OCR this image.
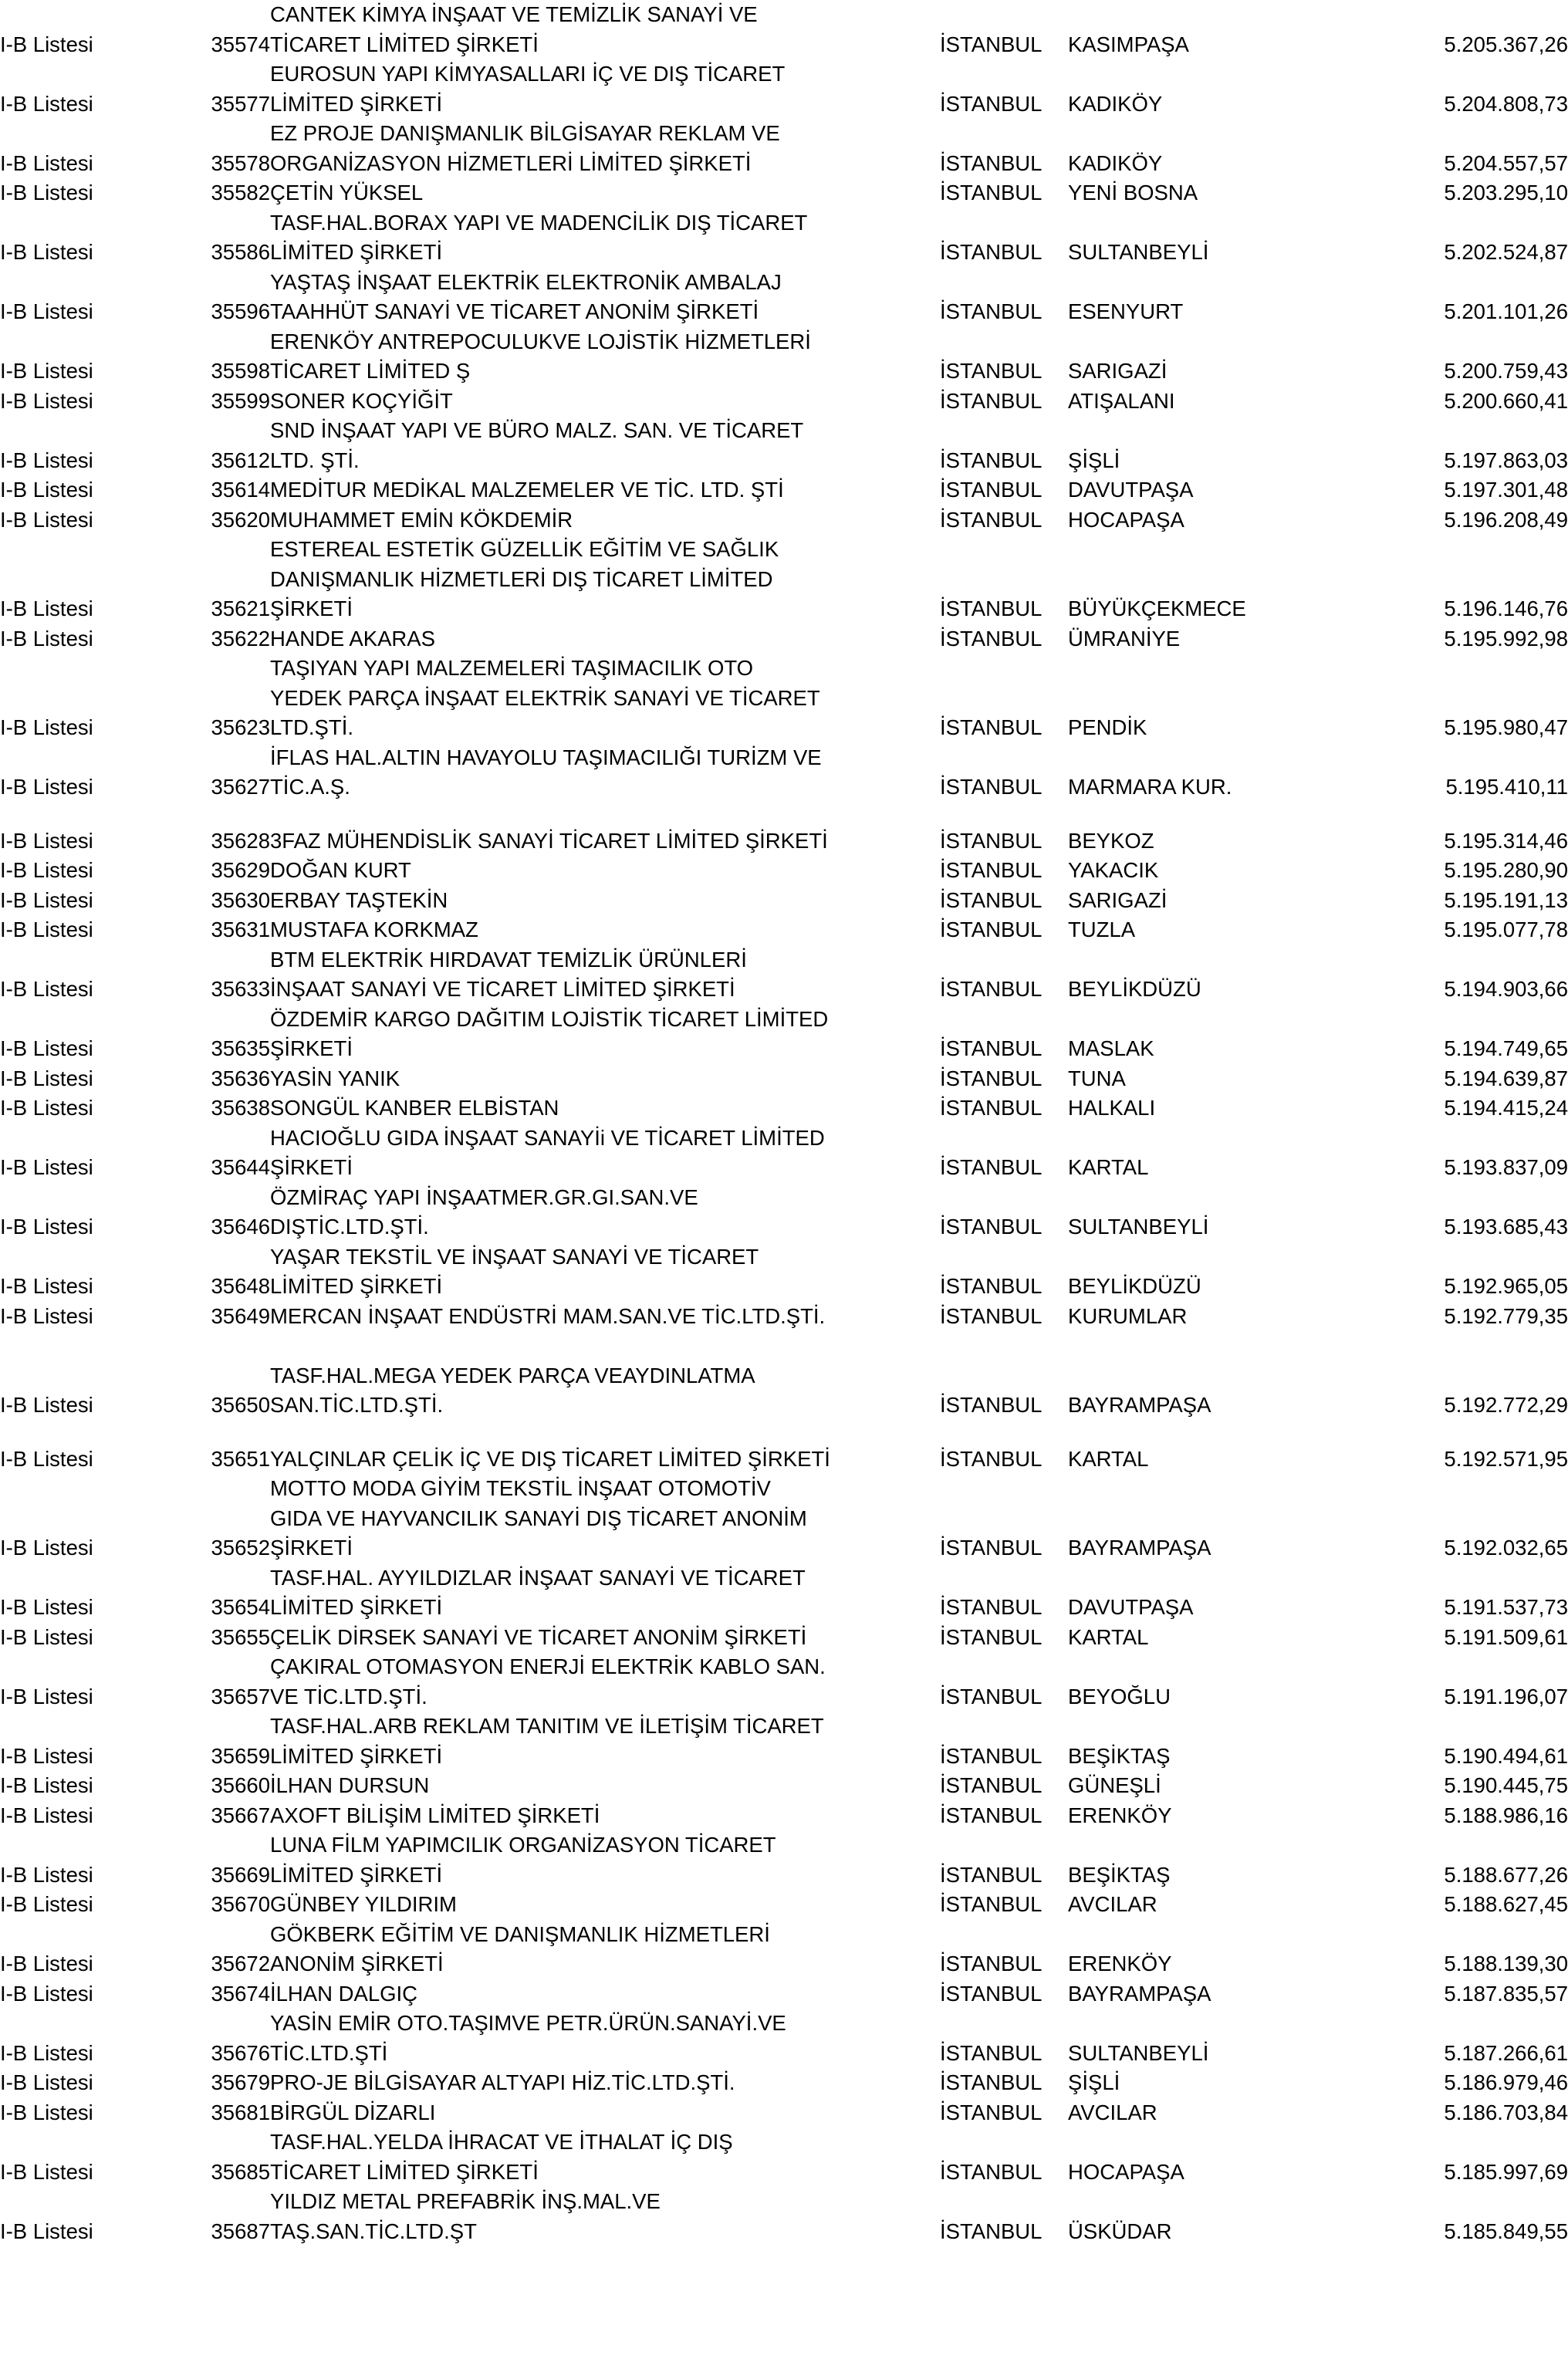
		CANTEK KİMYA İNŞAAT VE TEMİZLİK SANAYİ VE			
I-B Listesi	35574	TİCARET LİMİTED ŞİRKETİ	İSTANBUL	KASIMPAŞA	5.205.367,26
		EUROSUN YAPI KİMYASALLARI İÇ VE DIŞ TİCARET			
I-B Listesi	35577	LİMİTED ŞİRKETİ	İSTANBUL	KADIKÖY	5.204.808,73
		EZ PROJE DANIŞMANLIK BİLGİSAYAR REKLAM VE			
I-B Listesi	35578	ORGANİZASYON HİZMETLERİ LİMİTED ŞİRKETİ	İSTANBUL	KADIKÖY	5.204.557,57
I-B Listesi	35582	ÇETİN YÜKSEL	İSTANBUL	YENİ BOSNA	5.203.295,10
		TASF.HAL.BORAX YAPI VE MADENCİLİK DIŞ TİCARET			
I-B Listesi	35586	LİMİTED ŞİRKETİ	İSTANBUL	SULTANBEYLİ	5.202.524,87
		YAŞTAŞ İNŞAAT ELEKTRİK ELEKTRONİK AMBALAJ			
I-B Listesi	35596	TAAHHÜT SANAYİ VE TİCARET ANONİM ŞİRKETİ	İSTANBUL	ESENYURT	5.201.101,26
		ERENKÖY ANTREPOCULUKVE LOJİSTİK HİZMETLERİ			
I-B Listesi	35598	TİCARET LİMİTED Ş	İSTANBUL	SARIGAZİ	5.200.759,43
I-B Listesi	35599	SONER KOÇYİĞİT	İSTANBUL	ATIŞALANI	5.200.660,41
		SND İNŞAAT YAPI VE BÜRO MALZ. SAN. VE TİCARET			
I-B Listesi	35612	LTD. ŞTİ.	İSTANBUL	ŞİŞLİ	5.197.863,03
I-B Listesi	35614	MEDİTUR MEDİKAL MALZEMELER VE TİC. LTD. ŞTİ	İSTANBUL	DAVUTPAŞA	5.197.301,48
I-B Listesi	35620	MUHAMMET EMİN KÖKDEMİR	İSTANBUL	HOCAPAŞA	5.196.208,49
		ESTEREAL ESTETİK GÜZELLİK EĞİTİM VE SAĞLIK			
		DANIŞMANLIK HİZMETLERİ DIŞ TİCARET LİMİTED			
I-B Listesi	35621	ŞİRKETİ	İSTANBUL	BÜYÜKÇEKMECE	5.196.146,76
I-B Listesi	35622	HANDE AKARAS	İSTANBUL	ÜMRANİYE	5.195.992,98
		TAŞIYAN YAPI MALZEMELERİ TAŞIMACILIK OTO			
		YEDEK PARÇA İNŞAAT ELEKTRİK SANAYİ VE TİCARET			
I-B Listesi	35623	LTD.ŞTİ.	İSTANBUL	PENDİK	5.195.980,47
		İFLAS HAL.ALTIN HAVAYOLU TAŞIMACILIĞI TURİZM VE			
I-B Listesi	35627	TİC.A.Ş.	İSTANBUL	MARMARA KUR.	5.195.410,11

I-B Listesi	35628	3FAZ MÜHENDİSLİK SANAYİ TİCARET LİMİTED ŞİRKETİ	İSTANBUL	BEYKOZ	5.195.314,46
I-B Listesi	35629	DOĞAN KURT	İSTANBUL	YAKACIK	5.195.280,90
I-B Listesi	35630	ERBAY TAŞTEKİN	İSTANBUL	SARIGAZİ	5.195.191,13
I-B Listesi	35631	MUSTAFA KORKMAZ	İSTANBUL	TUZLA	5.195.077,78
		BTM ELEKTRİK HIRDAVAT TEMİZLİK ÜRÜNLERİ			
I-B Listesi	35633	İNŞAAT SANAYİ VE TİCARET LİMİTED ŞİRKETİ	İSTANBUL	BEYLİKDÜZÜ	5.194.903,66
		ÖZDEMİR KARGO DAĞITIM LOJİSTİK TİCARET LİMİTED			
I-B Listesi	35635	ŞİRKETİ	İSTANBUL	MASLAK	5.194.749,65
I-B Listesi	35636	YASİN YANIK	İSTANBUL	TUNA	5.194.639,87
I-B Listesi	35638	SONGÜL KANBER ELBİSTAN	İSTANBUL	HALKALI	5.194.415,24
		HACIOĞLU GIDA İNŞAAT SANAYİi VE TİCARET LİMİTED			
I-B Listesi	35644	ŞİRKETİ	İSTANBUL	KARTAL	5.193.837,09
		ÖZMİRAÇ YAPI İNŞAATMER.GR.GI.SAN.VE			
I-B Listesi	35646	DIŞTİC.LTD.ŞTİ.	İSTANBUL	SULTANBEYLİ	5.193.685,43
		YAŞAR TEKSTİL VE İNŞAAT SANAYİ VE TİCARET			
I-B Listesi	35648	LİMİTED ŞİRKETİ	İSTANBUL	BEYLİKDÜZÜ	5.192.965,05
I-B Listesi	35649	MERCAN İNŞAAT ENDÜSTRİ MAM.SAN.VE TİC.LTD.ŞTİ.	İSTANBUL	KURUMLAR	5.192.779,35

		TASF.HAL.MEGA YEDEK PARÇA VEAYDINLATMA			
I-B Listesi	35650	SAN.TİC.LTD.ŞTİ.	İSTANBUL	BAYRAMPAŞA	5.192.772,29

I-B Listesi	35651	YALÇINLAR ÇELİK İÇ VE DIŞ TİCARET LİMİTED ŞİRKETİ	İSTANBUL	KARTAL	5.192.571,95
		MOTTO MODA GİYİM TEKSTİL İNŞAAT OTOMOTİV			
		GIDA VE HAYVANCILIK SANAYİ DIŞ TİCARET ANONİM			
I-B Listesi	35652	ŞİRKETİ	İSTANBUL	BAYRAMPAŞA	5.192.032,65
		TASF.HAL. AYYILDIZLAR İNŞAAT SANAYİ VE TİCARET			
I-B Listesi	35654	LİMİTED ŞİRKETİ	İSTANBUL	DAVUTPAŞA	5.191.537,73
I-B Listesi	35655	ÇELİK DİRSEK SANAYİ VE TİCARET ANONİM ŞİRKETİ	İSTANBUL	KARTAL	5.191.509,61
		ÇAKIRAL OTOMASYON ENERJİ ELEKTRİK KABLO SAN.			
I-B Listesi	35657	VE TİC.LTD.ŞTİ.	İSTANBUL	BEYOĞLU	5.191.196,07
		TASF.HAL.ARB REKLAM TANITIM VE İLETİŞİM TİCARET			
I-B Listesi	35659	LİMİTED ŞİRKETİ	İSTANBUL	BEŞİKTAŞ	5.190.494,61
I-B Listesi	35660	İLHAN DURSUN	İSTANBUL	GÜNEŞLİ	5.190.445,75
I-B Listesi	35667	AXOFT BİLİŞİM LİMİTED ŞİRKETİ	İSTANBUL	ERENKÖY	5.188.986,16
		LUNA FİLM YAPIMCILIK ORGANİZASYON TİCARET			
I-B Listesi	35669	LİMİTED ŞİRKETİ	İSTANBUL	BEŞİKTAŞ	5.188.677,26
I-B Listesi	35670	GÜNBEY YILDIRIM	İSTANBUL	AVCILAR	5.188.627,45
		GÖKBERK EĞİTİM VE DANIŞMANLIK HİZMETLERİ			
I-B Listesi	35672	ANONİM ŞİRKETİ	İSTANBUL	ERENKÖY	5.188.139,30
I-B Listesi	35674	İLHAN DALGIÇ	İSTANBUL	BAYRAMPAŞA	5.187.835,57
		YASİN EMİR OTO.TAŞIMVE PETR.ÜRÜN.SANAYİ.VE			
I-B Listesi	35676	TİC.LTD.ŞTİ	İSTANBUL	SULTANBEYLİ	5.187.266,61
I-B Listesi	35679	PRO-JE BİLGİSAYAR ALTYAPI HİZ.TİC.LTD.ŞTİ.	İSTANBUL	ŞİŞLİ	5.186.979,46
I-B Listesi	35681	BİRGÜL DİZARLI	İSTANBUL	AVCILAR	5.186.703,84
		TASF.HAL.YELDA İHRACAT VE İTHALAT İÇ DIŞ			
I-B Listesi	35685	TİCARET LİMİTED ŞİRKETİ	İSTANBUL	HOCAPAŞA	5.185.997,69
		YILDIZ METAL PREFABRİK İNŞ.MAL.VE			
I-B Listesi	35687	TAŞ.SAN.TİC.LTD.ŞT	İSTANBUL	ÜSKÜDAR	5.185.849,55
